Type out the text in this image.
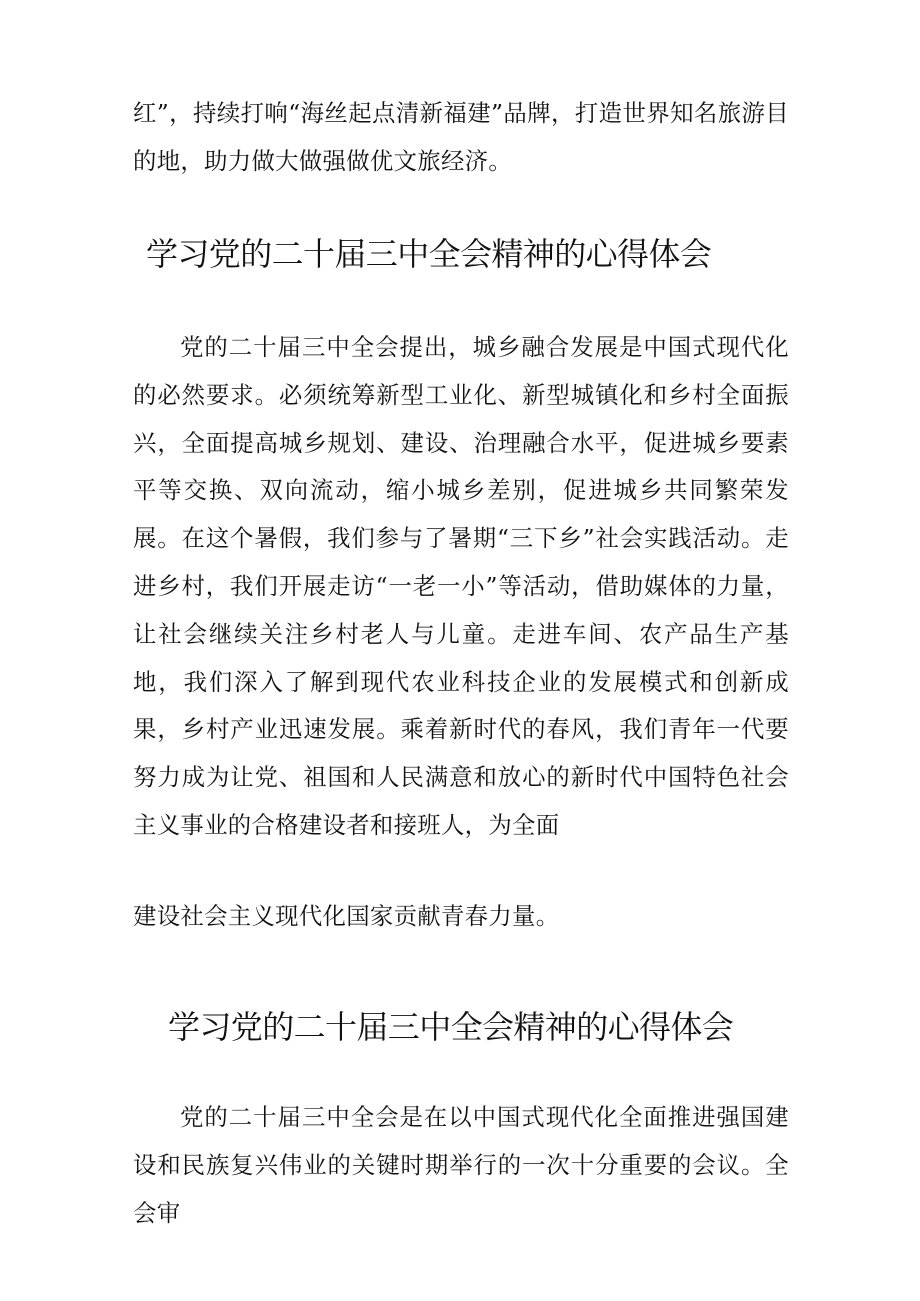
红”，持续打响“海丝起点清新福建”品牌，打造世界知名旅游目的地，助力做大做强做优文旅经济。

学习党的二十届三中全会精神的心得体会

党的二十届三中全会提出，城乡融合发展是中国式现代化的必然要求。必须统筹新型工业化、新型城镇化和乡村全面振兴，全面提高城乡规划、建设、治理融合水平，促进城乡要素平等交换、双向流动，缩小城乡差别，促进城乡共同繁荣发展。在这个暑假，我们参与了暑期“三下乡”社会实践活动。走进乡村，我们开展走访“一老一小”等活动，借助媒体的力量，让社会继续关注乡村老人与儿童。走进车间、农产品生产基地，我们深入了解到现代农业科技企业的发展模式和创新成果，乡村产业迅速发展。乘着新时代的春风，我们青年一代要努力成为让党、祖国和人民满意和放心的新时代中国特色社会主义事业的合格建设者和接班人，为全面

建设社会主义现代化国家贡献青春力量。

学习党的二十届三中全会精神的心得体会

党的二十届三中全会是在以中国式现代化全面推进强国建设和民族复兴伟业的关键时期举行的一次十分重要的会议。全会审
